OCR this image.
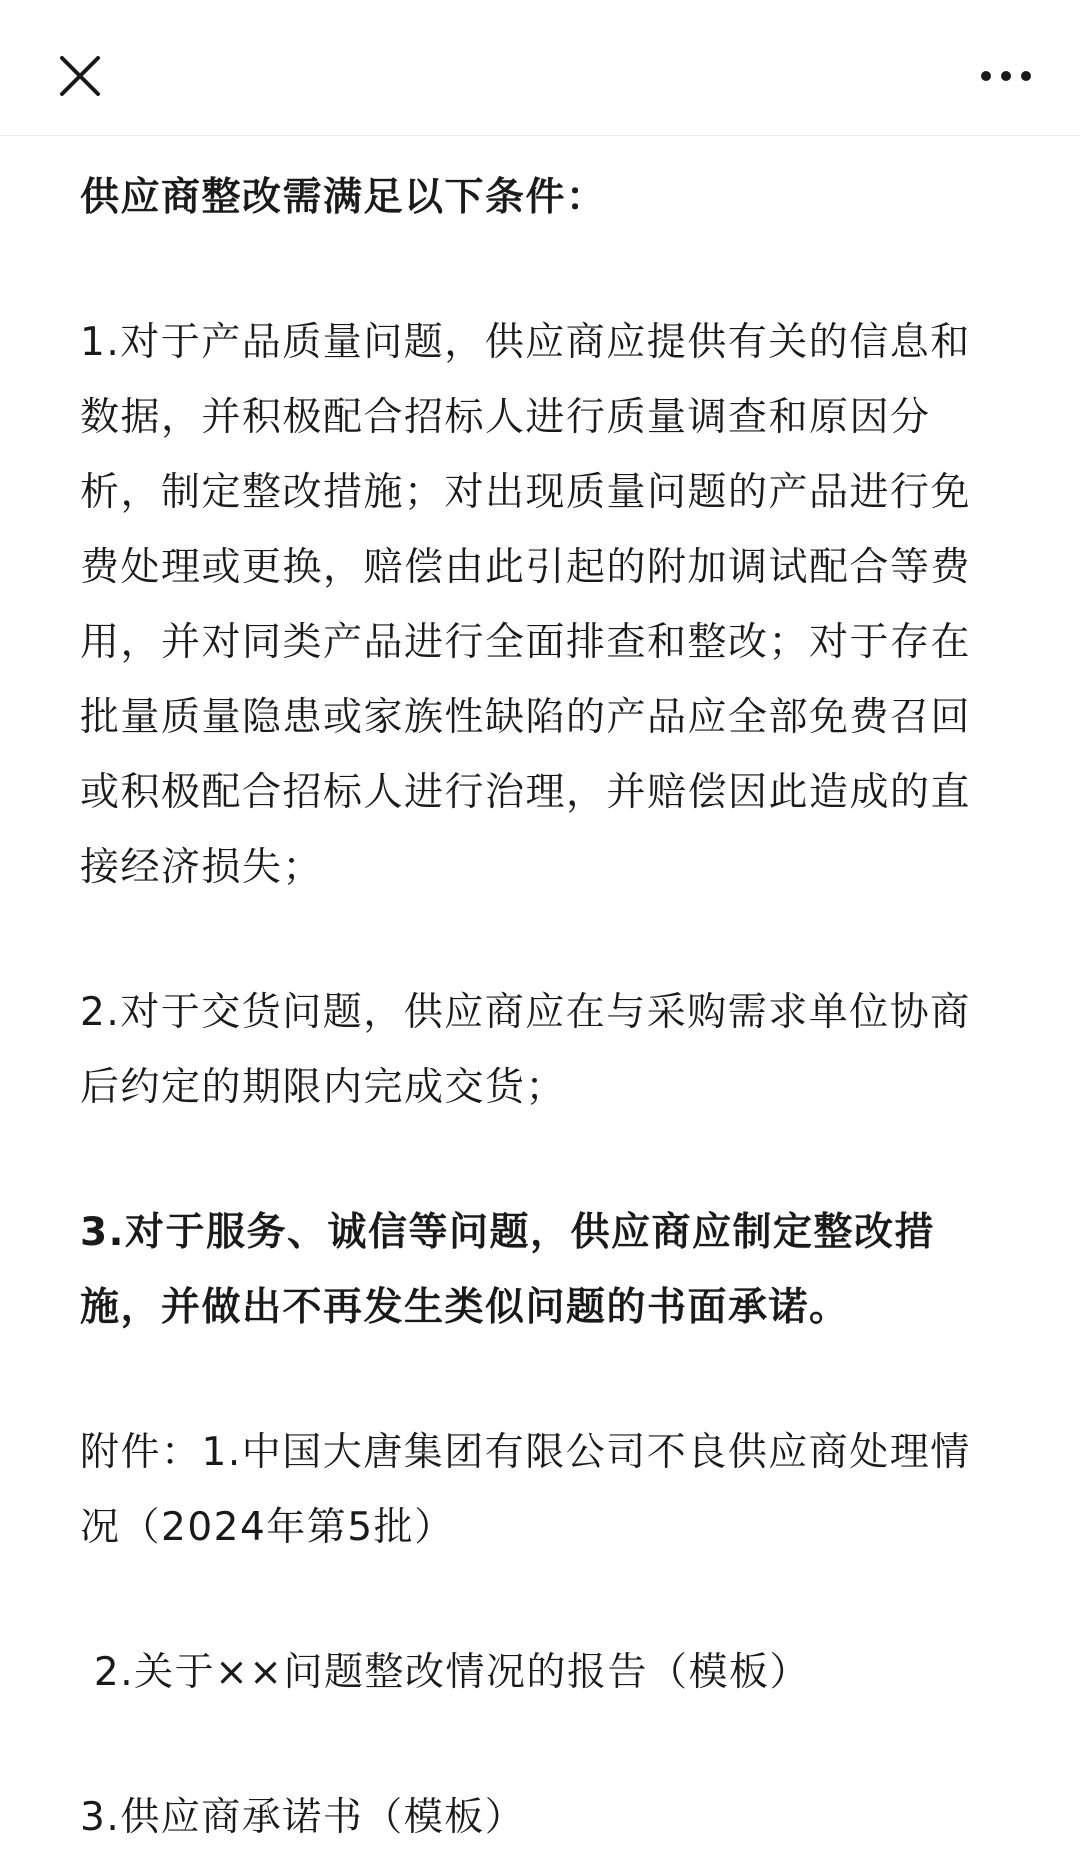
供应商整改需满足以下条件：

1.对于产品质量问题，供应商应提供有关的信息和数据，并积极配合招标人进行质量调查和原因分析，制定整改措施；对出现质量问题的产品进行免费处理或更换，赔偿由此引起的附加调试配合等费用，并对同类产品进行全面排查和整改；对于存在批量质量隐患或家族性缺陷的产品应全部免费召回或积极配合招标人进行治理，并赔偿因此造成的直接经济损失；

2.对于交货问题，供应商应在与采购需求单位协商后约定的期限内完成交货；

3.对于服务、诚信等问题，供应商应制定整改措施，并做出不再发生类似问题的书面承诺。

附件：1.中国大唐集团有限公司不良供应商处理情况（2024年第5批）

2.关于××问题整改情况的报告（模板）

3.供应商承诺书（模板）
